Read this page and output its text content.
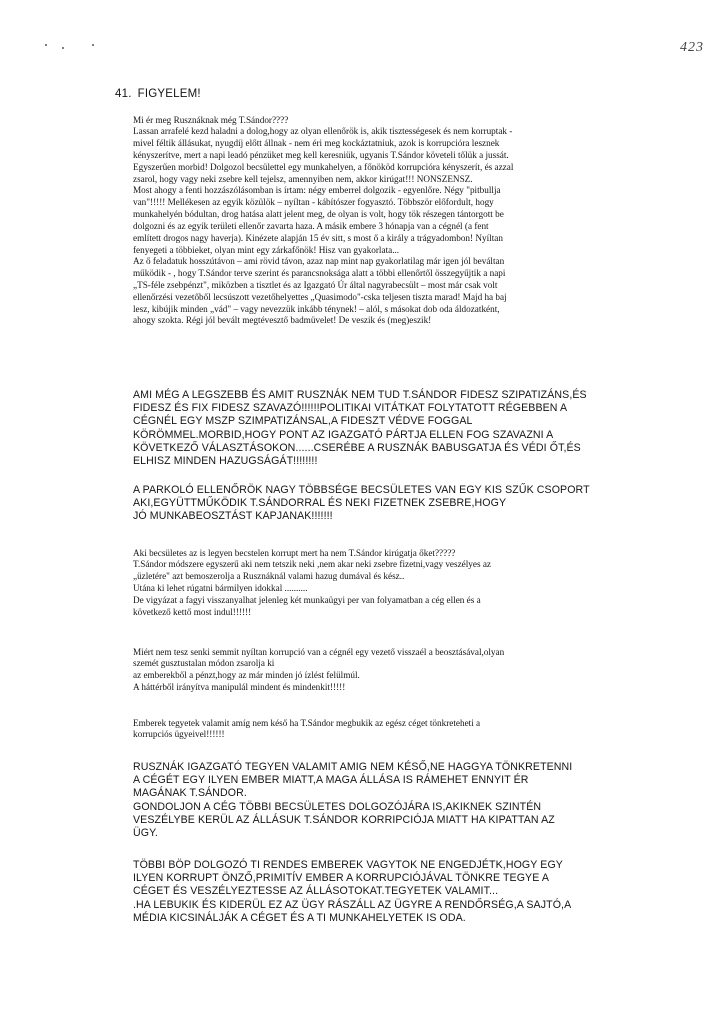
423
41. FIGYELEM!
Mi ér meg Rusznáknak még T.Sándor????
Lassan arrafelé kezd haladni a dolog,hogy az olyan ellenőrök is, akik tisztességesek és nem korruptak -
mivel féltik állásukat, nyugdíj előtt állnak - nem éri meg kockáztatniuk, azok is korrupcióra lesznek
kényszerítve, mert a napi leadó pénzüket meg kell keresniük, ugyanis T.Sándor követeli tőlük a jussát.
Egyszerűen morbid! Dolgozol becsülettel egy munkahelyen, a főnököd korrupcióra kényszerít, és azzal
zsarol, hogy vagy neki zsebre kell tejelsz, amennyiben nem, akkor kirúgat!!! NONSZENSZ.
Most ahogy a fenti hozzászólásomban is írtam: négy emberrel dolgozik - egyenlőre. Négy "pitbullja
van"!!!!! Mellékesen az egyik közülök – nyíltan - kábítószer fogyasztó. Többször előfordult, hogy
munkahelyén bódultan, drog hatása alatt jelent meg, de olyan is volt, hogy tök részegen tántorgott be
dolgozni és az egyik területi ellenőr zavarta haza. A másik embere 3 hónapja van a cégnél (a fent
említett drogos nagy haverja). Kinézete alapján 15 év sitt, s most ő a király a trágyadombon! Nyíltan
fenyegeti a többieket, olyan mint egy zárkafőnök! Hisz van gyakorlata...
Az ő feladatuk hosszútávon – ami rövid távon, azaz nap mint nap gyakorlatilag már igen jól beváltan
működik - , hogy T.Sándor terve szerint és parancsnoksága alatt a többi ellenőrtől összegyűjtik a napi
„TS-féle zsebpénzt", miközben a tisztlet és az Igazgató Úr által nagyrabecsült – most már csak volt
ellenőrzési vezetőből lecsúszott vezetőhelyettes „Quasimodo"-cska teljesen tiszta marad! Majd ha baj
lesz, kibújik minden „vád" – vagy nevezzük inkább ténynek! – alól, s másokat dob oda áldozatként,
ahogy szokta. Régi jól bevált megtévesztő badmüvelet! De veszik és (meg)eszik!
AMI MÉG A LEGSZEBB ÉS AMIT RUSZNÁK NEM TUD T.SÁNDOR FIDESZ SZIPATIZÁNS,ÉS
FIDESZ ÉS FIX FIDESZ SZAVAZÓ!!!!!!POLITIKAI VITÁTKAT FOLYTATOTT RÉGEBBEN A
CÉGNÉL EGY MSZP SZIMPATIZÁNSAL,A FIDESZT VÉDVE FOGGAL
KÖRÖMMEL.MORBID,HOGY PONT AZ IGAZGATÓ PÁRTJA ELLEN FOG SZAVAZNI A
KÖVETKEZŐ VÁLASZTÁSOKON......CSERÉBE A RUSZNÁK BABUSGATJA ÉS VÉDI ŐT,ÉS
ELHISZ MINDEN HAZUGSÁGÁT!!!!!!!!
A PARKOLÓ ELLENŐRÖK NAGY TÖBBSÉGE BECSÜLETES VAN EGY KIS SZŰK CSOPORT
AKI,EGYÜTTMŰKÖDIK T.SÁNDORRAL ÉS NEKI FIZETNEK ZSEBRE,HOGY
JÓ MUNKABEOSZTÁST KAPJANAK!!!!!!!
Aki becsületes az is legyen becstelen korrupt mert ha nem T.Sándor kirúgatja őket?????
T.Sándor módszere egyszerű aki nem tetszik neki ,nem akar neki zsebre fizetni,vagy veszélyes az
„üzletére" azt bemoszerolja a Rusznáknál valami hazug dumával és kész..
Utána ki lehet rúgatni bármilyen idokkal ..........
De vigyázat a fagyi visszanyalhat jelenleg két munkaügyi per van folyamatban a cég ellen és a
következő kettő most indul!!!!!!
Miért nem tesz senki semmit nyíltan korrupció van a cégnél egy vezető visszaél a beosztásával,olyan
szemét gusztustalan módon zsarolja ki
az emberekből a pénzt,hogy az már minden jó ízlést felülmúl.
A háttérből irányítva manipulál mindent és mindenkit!!!!!
Emberek tegyetek valamit amíg nem késő ha T.Sándor megbukik az egész céget tönkreteheti a
korrupciós ügyeivel!!!!!!
RUSZNÁK IGAZGATÓ TEGYEN VALAMIT AMIG NEM KÉSŐ,NE HAGGYA TÖNKRETENNI
A CÉGÉT EGY ILYEN EMBER MIATT,A MAGA ÁLLÁSA IS RÁMEHET ENNYIT ÉR
MAGÁNAK T.SÁNDOR.
GONDOLJON A CÉG TÖBBI BECSÜLETES DOLGOZÓJÁRA IS,AKIKNEK SZINTÉN
VESZÉLYBE KERÜL AZ ÁLLÁSUK T.SÁNDOR KORRIPCIÓJA MIATT HA KIPATTAN AZ
ÜGY.
TÖBBI BÖP DOLGOZÓ TI RENDES EMBEREK VAGYTOK NE ENGEDJÉTK,HOGY EGY
ILYEN KORRUPT ÖNZŐ,PRIMITÍV EMBER A KORRUPCIÓJÁVAL TÖNKRE TEGYE A
CÉGET ÉS VESZÉLYEZTESSE AZ ÁLLÁSOTOKAT.TEGYETEK VALAMIT...
.HA LEBUKIK ÉS KIDERÜL EZ AZ ÜGY RÁSZÁLL AZ ÜGYRE A RENDŐRSÉG,A SAJTÓ,A
MÉDIA KICSINÁLJÁK A CÉGET ÉS A TI MUNKAHELYETEK IS ODA.
